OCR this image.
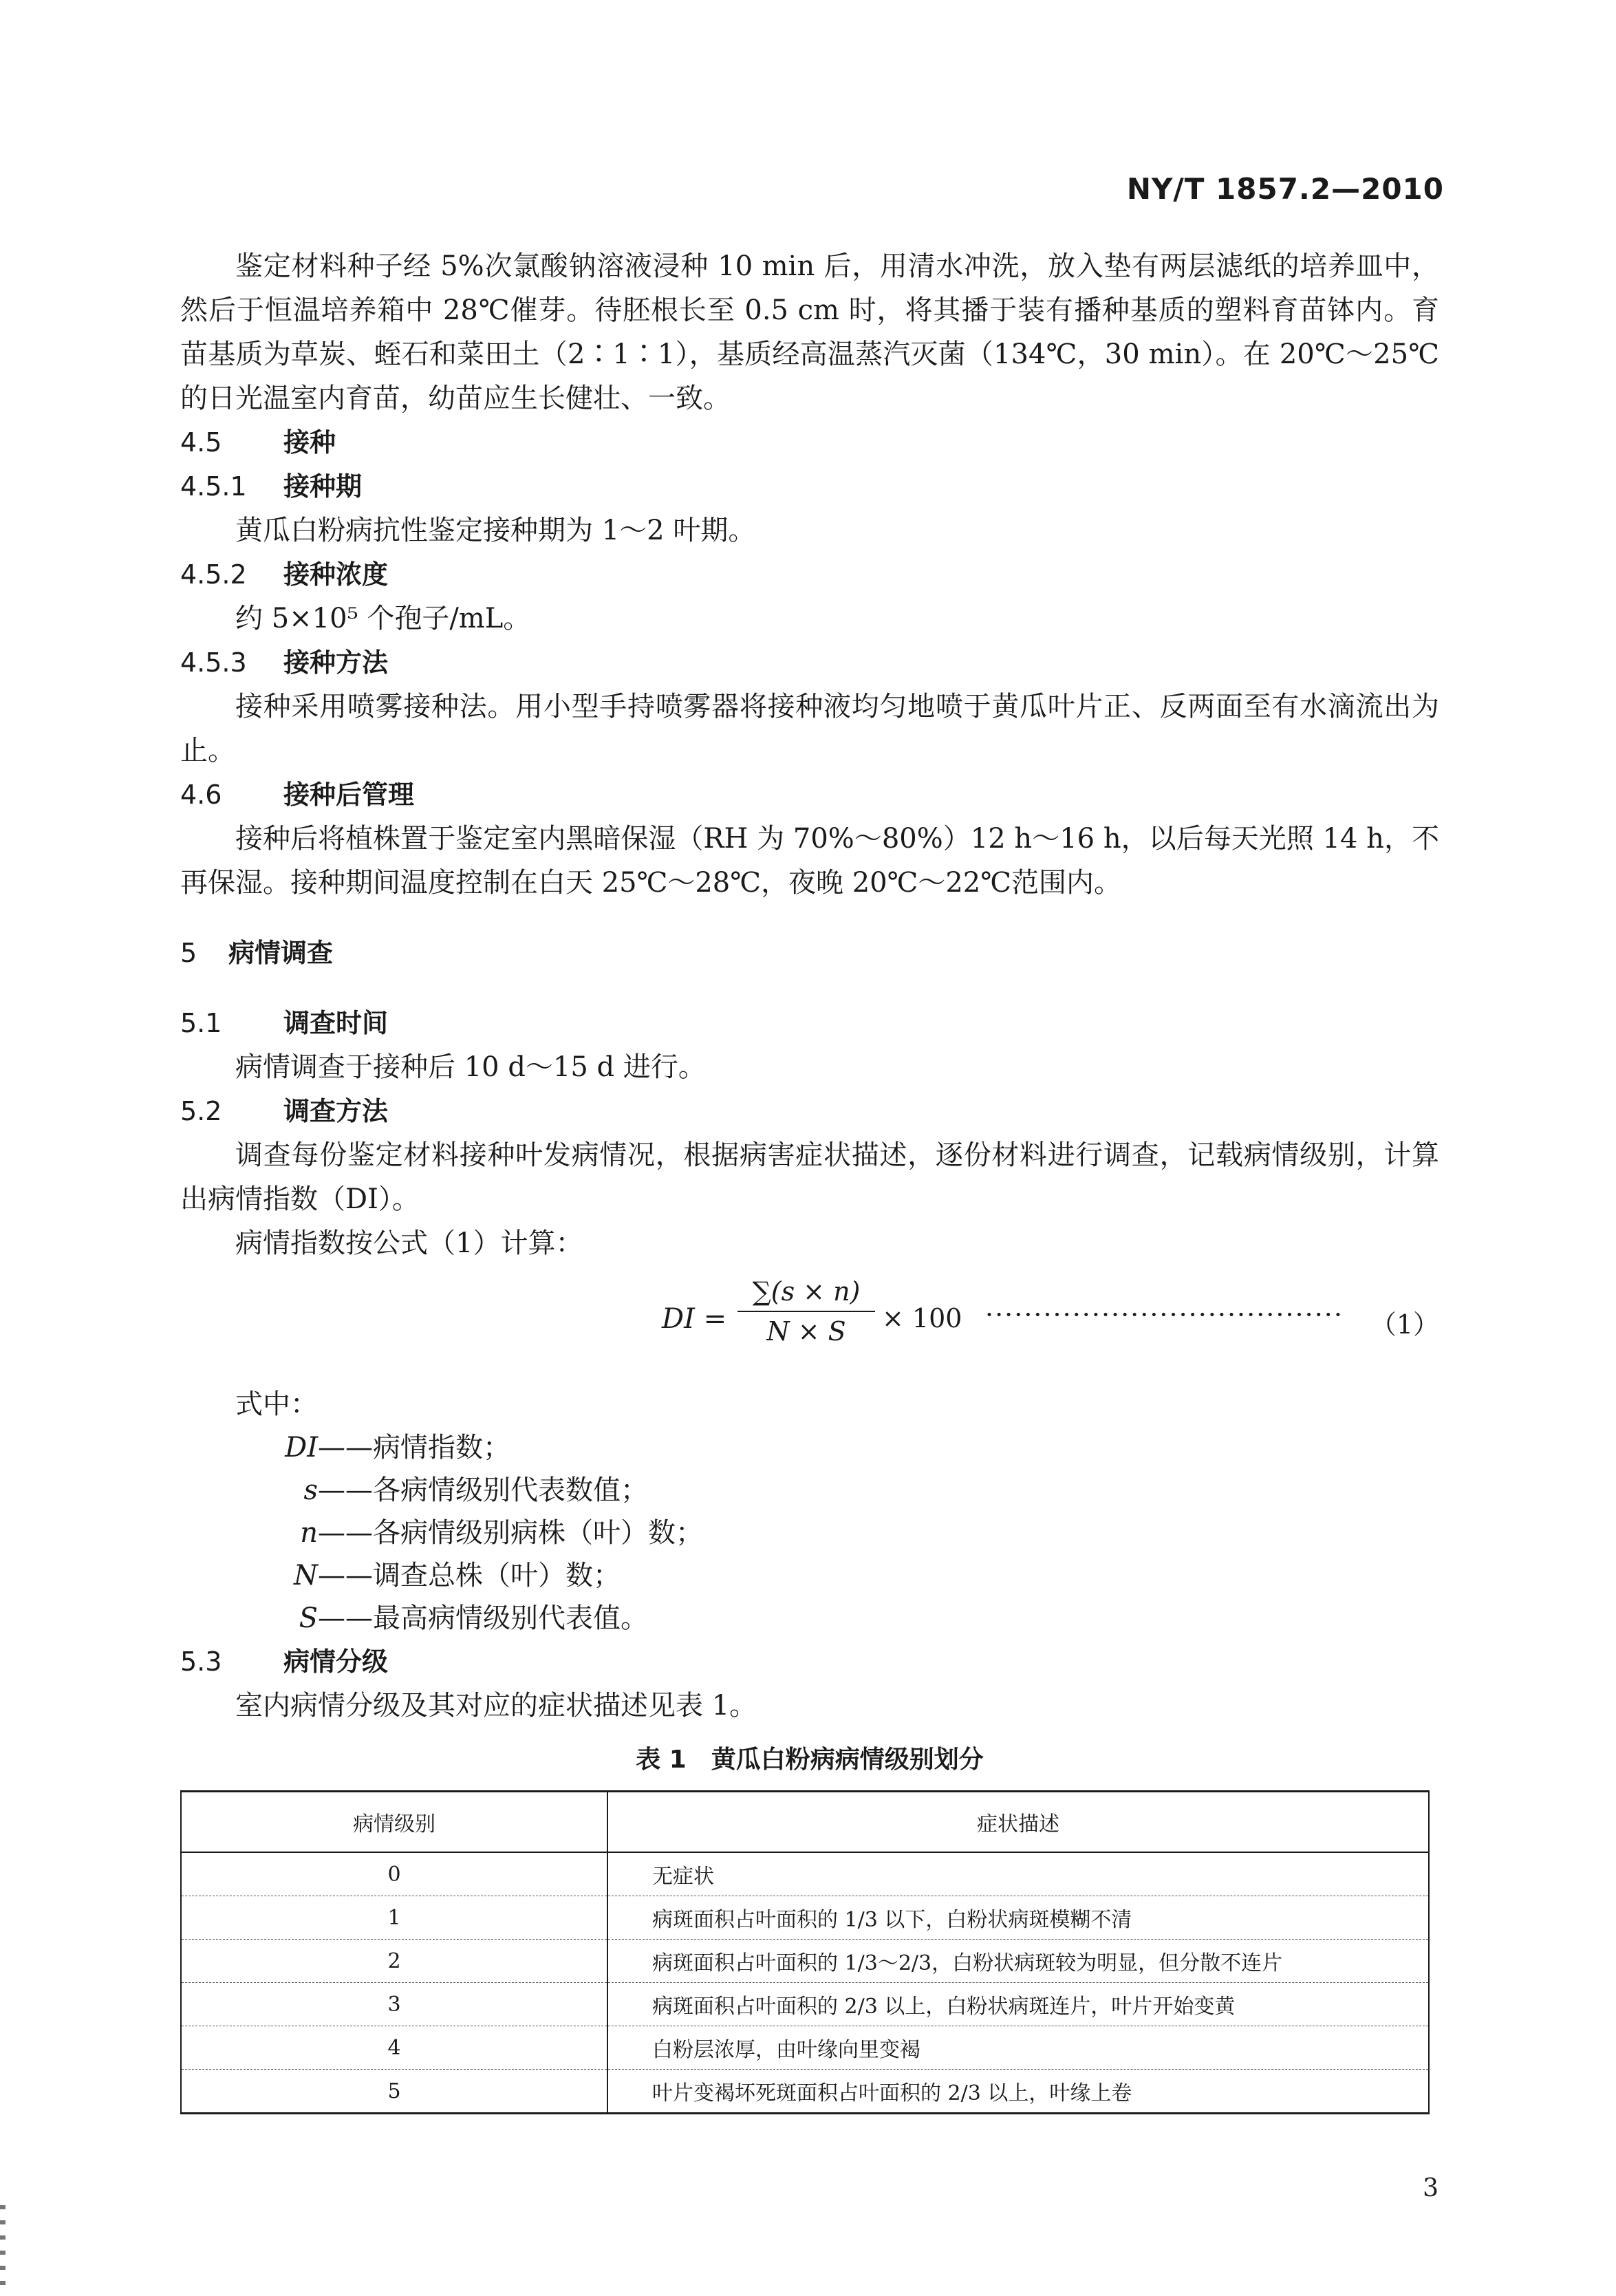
NY/T 1857.2—2010

鉴定材料种子经 5%次氯酸钠溶液浸种 10 min 后，用清水冲洗，放入垫有两层滤纸的培养皿中，然后于恒温培养箱中 28℃催芽。待胚根长至 0.5 cm 时，将其播于装有播种基质的塑料育苗钵内。育苗基质为草炭、蛭石和菜田土（2∶1∶1），基质经高温蒸汽灭菌（134℃，30 min）。在 20℃～25℃的日光温室内育苗，幼苗应生长健壮、一致。

4.5 接种

4.5.1 接种期

黄瓜白粉病抗性鉴定接种期为 1～2 叶期。

4.5.2 接种浓度

约 5×10⁵ 个孢子/mL。

4.5.3 接种方法

接种采用喷雾接种法。用小型手持喷雾器将接种液均匀地喷于黄瓜叶片正、反两面至有水滴流出为止。

4.6 接种后管理

接种后将植株置于鉴定室内黑暗保湿（RH 为 70%～80%）12 h～16 h，以后每天光照 14 h，不再保湿。接种期间温度控制在白天 25℃～28℃，夜晚 20℃～22℃范围内。

5 病情调查

5.1 调查时间

病情调查于接种后 10 d～15 d 进行。

5.2 调查方法

调查每份鉴定材料接种叶发病情况，根据病害症状描述，逐份材料进行调查，记载病情级别，计算出病情指数（DI）。

病情指数按公式（1）计算：

DI =
∑(s × n)
N × S	× 100 ····································· （1）

式中：

DI——病情指数；

s——各病情级别代表数值；

n——各病情级别病株（叶）数；

N——调查总株（叶）数；

S——最高病情级别代表值。

5.3 病情分级

室内病情分级及其对应的症状描述见表 1。

表 1　黄瓜白粉病病情级别划分
病情级别	症状描述
0	无症状
1	病斑面积占叶面积的 1/3 以下，白粉状病斑模糊不清
2	病斑面积占叶面积的 1/3～2/3，白粉状病斑较为明显，但分散不连片
3	病斑面积占叶面积的 2/3 以上，白粉状病斑连片，叶片开始变黄
4	白粉层浓厚，由叶缘向里变褐
5	叶片变褐坏死斑面积占叶面积的 2/3 以上，叶缘上卷
3
